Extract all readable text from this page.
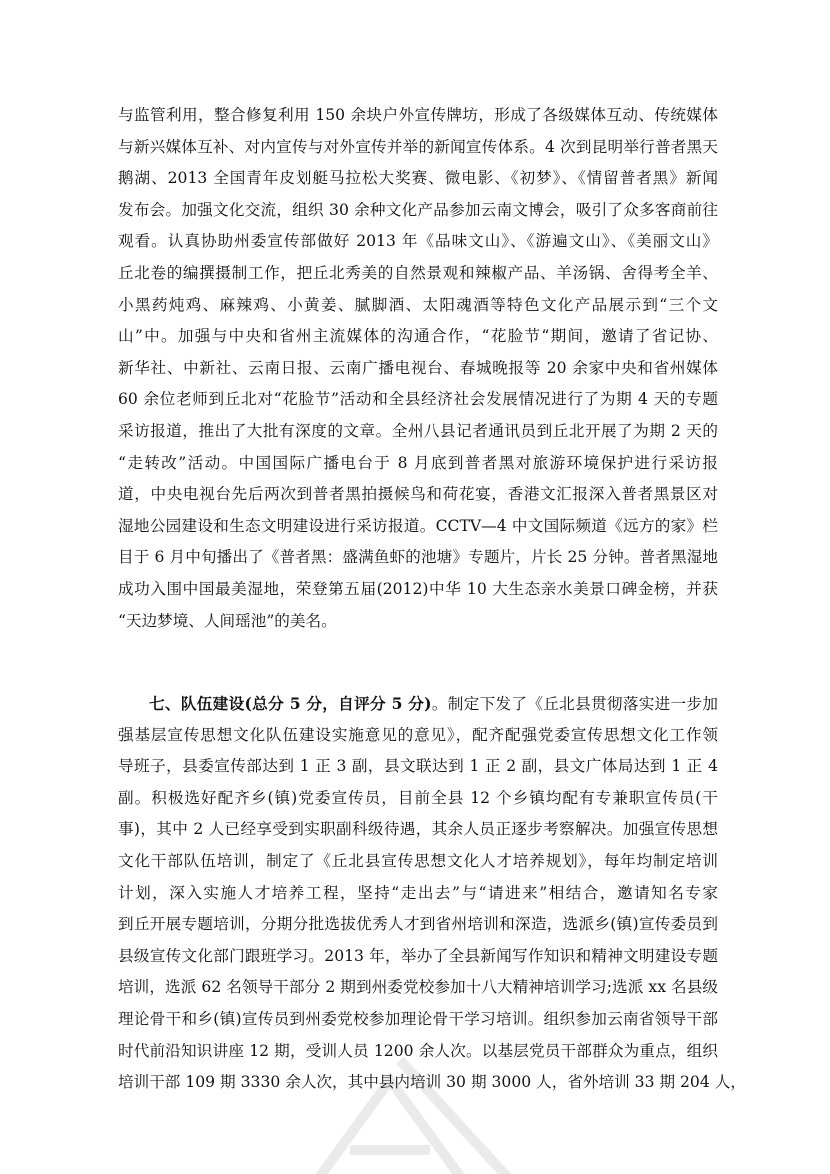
与监管利用，整合修复利用 150 余块户外宣传牌坊，形成了各级媒体互动、传统媒体
与新兴媒体互补、对内宣传与对外宣传并举的新闻宣传体系。4 次到昆明举行普者黑天
鹅湖、2013 全国青年皮划艇马拉松大奖赛、微电影、《初梦》、《情留普者黑》新闻
发布会。加强文化交流，组织 30 余种文化产品参加云南文博会，吸引了众多客商前往
观看。认真协助州委宣传部做好 2013 年《品味文山》、《游遍文山》、《美丽文山》
丘北卷的编撰摄制工作，把丘北秀美的自然景观和辣椒产品、羊汤锅、舍得考全羊、
小黑药炖鸡、麻辣鸡、小黄姜、腻脚酒、太阳魂酒等特色文化产品展示到“三个文
山”中。加强与中央和省州主流媒体的沟通合作，“花脸节“期间，邀请了省记协、
新华社、中新社、云南日报、云南广播电视台、春城晚报等 20 余家中央和省州媒体
60 余位老师到丘北对“花脸节”活动和全县经济社会发展情况进行了为期 4 天的专题
采访报道，推出了大批有深度的文章。全州八县记者通讯员到丘北开展了为期 2 天的
“走转改”活动。中国国际广播电台于 8 月底到普者黑对旅游环境保护进行采访报
道，中央电视台先后两次到普者黑拍摄候鸟和荷花宴，香港文汇报深入普者黑景区对
湿地公园建设和生态文明建设进行采访报道。CCTV—4 中文国际频道《远方的家》栏
目于 6 月中旬播出了《普者黑：盛满鱼虾的池塘》专题片，片长 25 分钟。普者黑湿地
成功入围中国最美湿地，荣登第五届(2012)中华 10 大生态亲水美景口碑金榜，并获
“天边梦境、人间瑶池”的美名。
七、队伍建设(总分 5 分，自评分 5 分)。制定下发了《丘北县贯彻落实进一步加
强基层宣传思想文化队伍建设实施意见的意见》，配齐配强党委宣传思想文化工作领
导班子，县委宣传部达到 1 正 3 副，县文联达到 1 正 2 副，县文广体局达到 1 正 4
副。积极选好配齐乡(镇)党委宣传员，目前全县 12 个乡镇均配有专兼职宣传员(干
事)，其中 2 人已经享受到实职副科级待遇，其余人员正逐步考察解决。加强宣传思想
文化干部队伍培训，制定了《丘北县宣传思想文化人才培养规划》，每年均制定培训
计划，深入实施人才培养工程，坚持“走出去”与“请进来”相结合，邀请知名专家
到丘开展专题培训，分期分批选拔优秀人才到省州培训和深造，选派乡(镇)宣传委员到
县级宣传文化部门跟班学习。2013 年，举办了全县新闻写作知识和精神文明建设专题
培训，选派 62 名领导干部分 2 期到州委党校参加十八大精神培训学习;选派 xx 名县级
理论骨干和乡(镇)宣传员到州委党校参加理论骨干学习培训。组织参加云南省领导干部
时代前沿知识讲座 12 期，受训人员 1200 余人次。以基层党员干部群众为重点，组织
培训干部 109 期 3330 余人次，其中县内培训 30 期 3000 人，省外培训 33 期 204 人，
